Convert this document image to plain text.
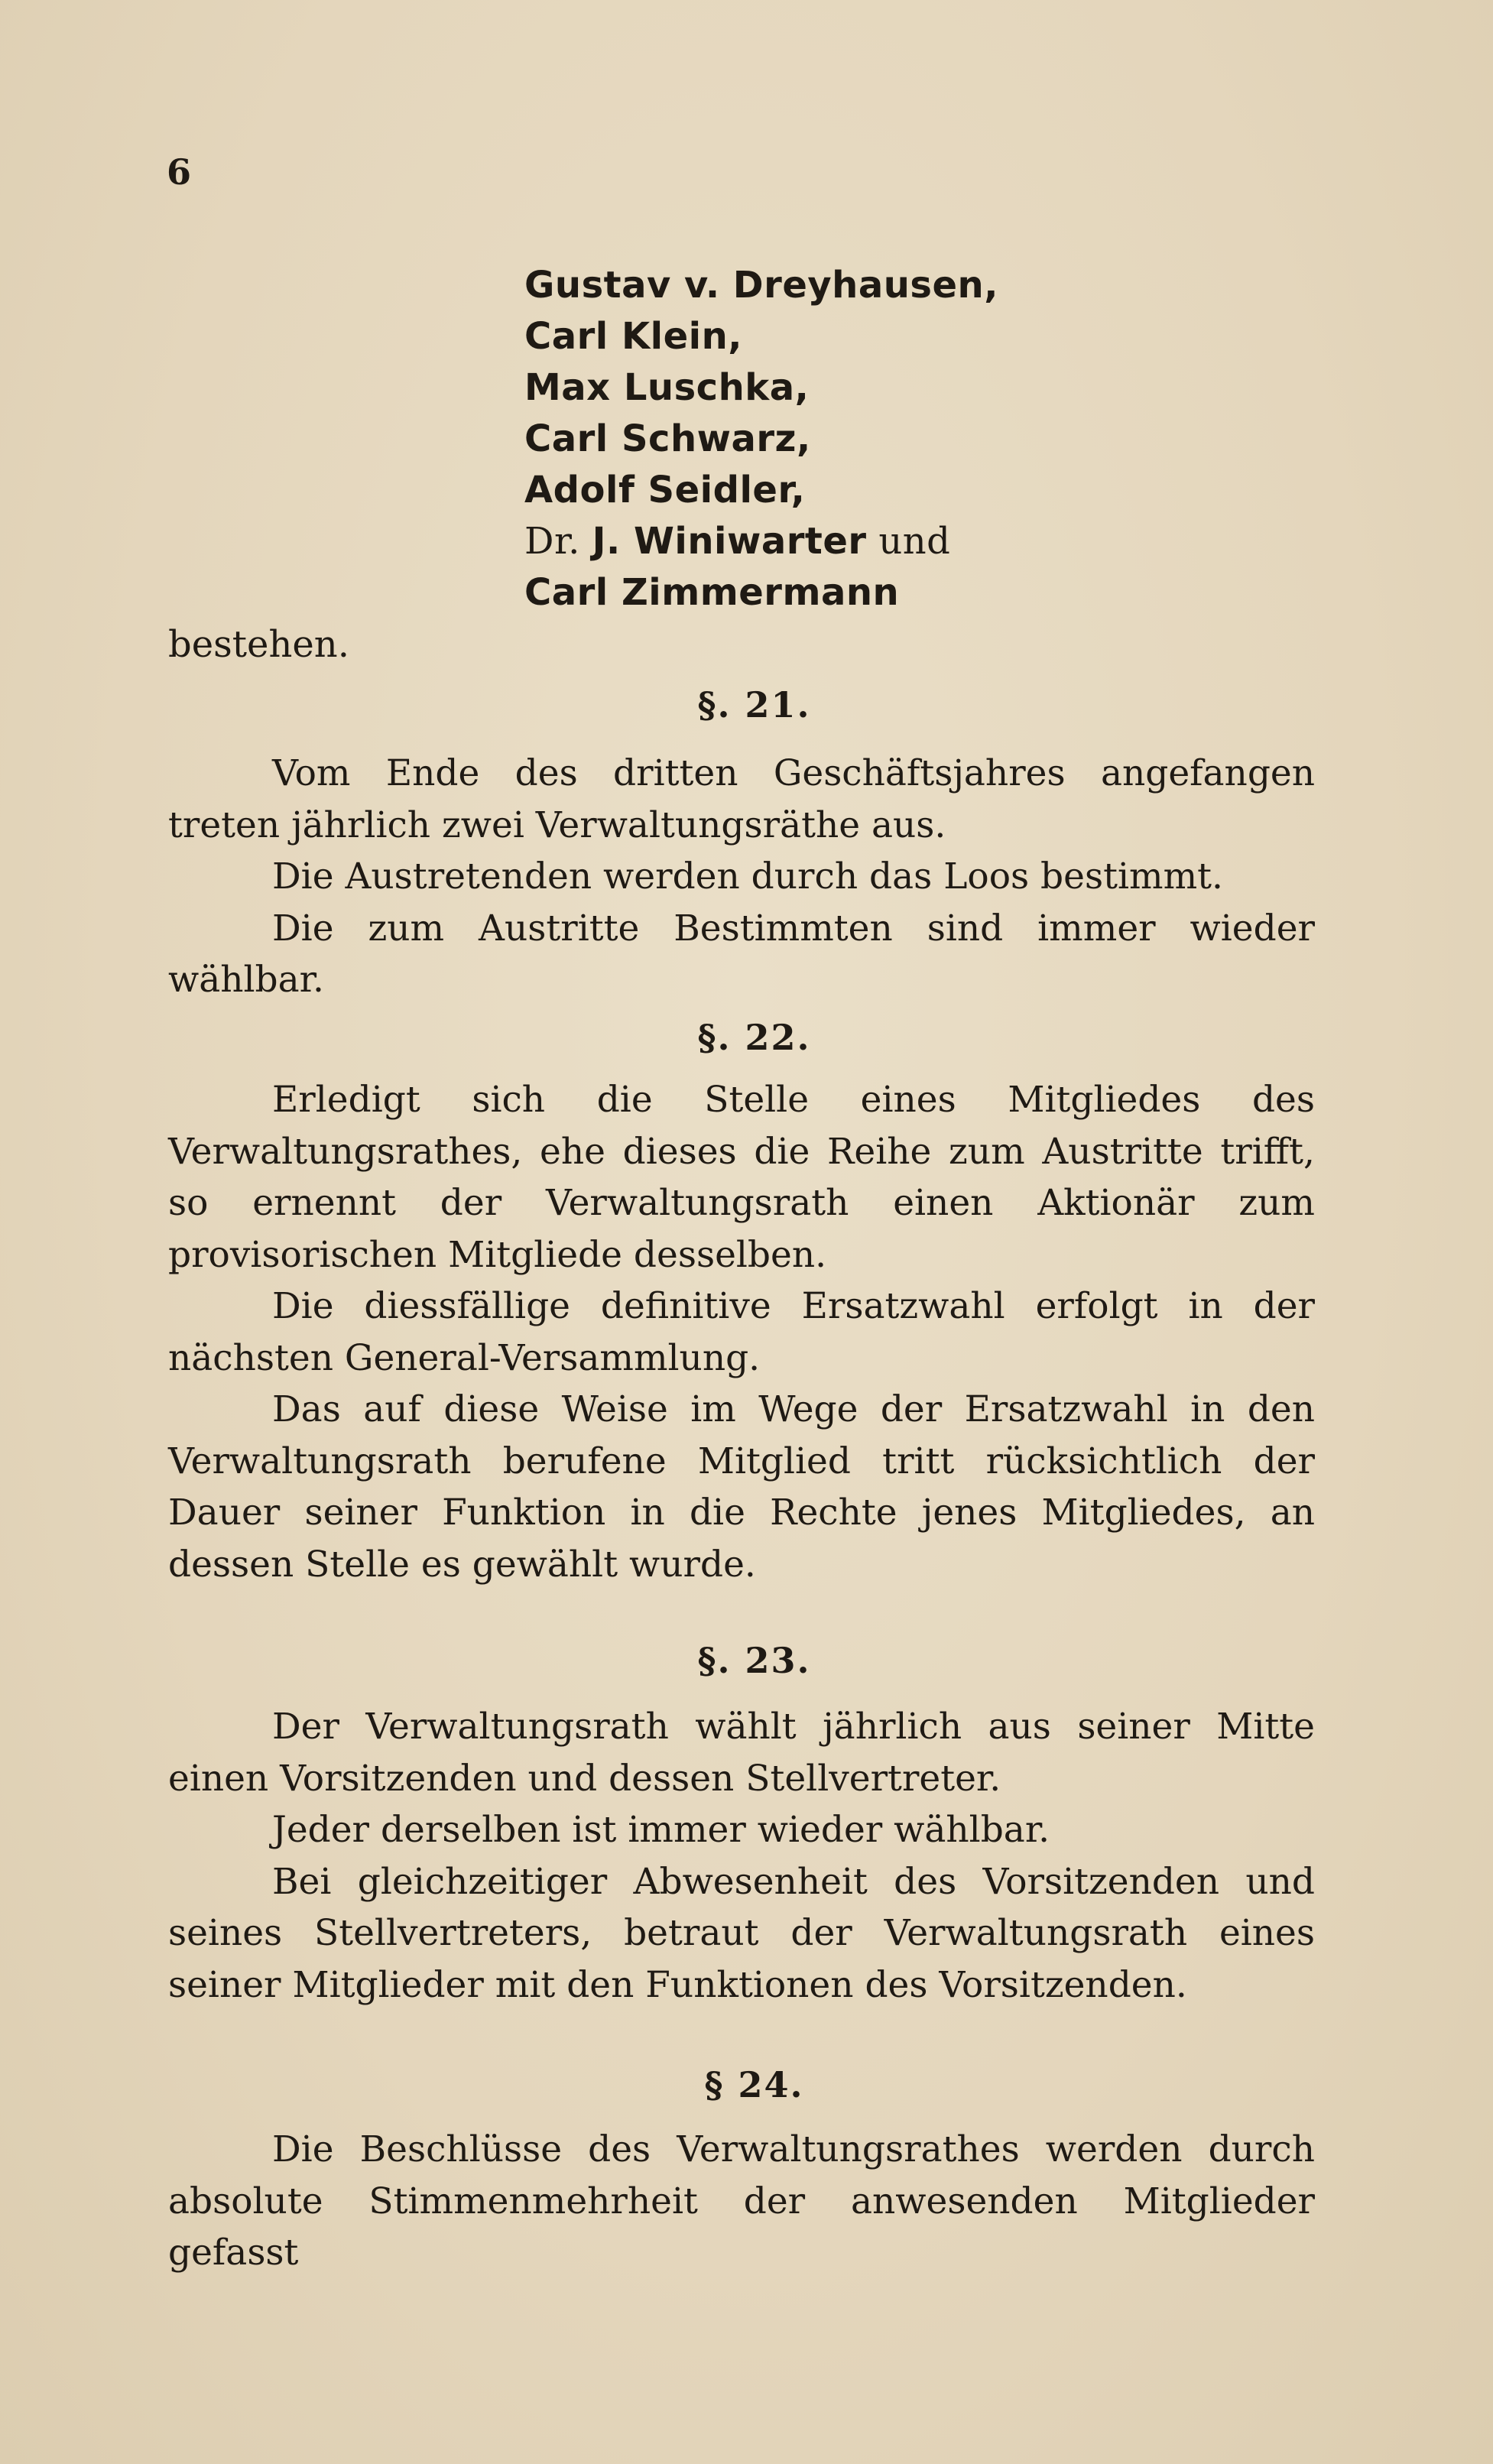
6
Gustav v. Dreyhausen,
Carl Klein,
Max Luschka,
Carl Schwarz,
Adolf Seidler,
Dr. J. Winiwarter und
Carl Zimmermann
bestehen.
§. 21.

Vom Ende des dritten Geschäftsjahres angefangen treten jährlich zwei Verwaltungsräthe aus.

Die Austretenden werden durch das Loos bestimmt.

Die zum Austritte Bestimmten sind immer wieder wählbar.

§. 22.

Erledigt sich die Stelle eines Mitgliedes des Verwaltungsrathes, ehe dieses die Reihe zum Austritte trifft, so ernennt der Verwaltungsrath einen Aktionär zum provisorischen Mitgliede desselben.

Die diessfällige definitive Ersatzwahl erfolgt in der nächsten General-Versammlung.

Das auf diese Weise im Wege der Ersatzwahl in den Verwaltungsrath berufene Mitglied tritt rücksichtlich der Dauer seiner Funktion in die Rechte jenes Mitgliedes, an dessen Stelle es gewählt wurde.

§. 23.

Der Verwaltungsrath wählt jährlich aus seiner Mitte einen Vorsitzenden und dessen Stellvertreter.

Jeder derselben ist immer wieder wählbar.

Bei gleichzeitiger Abwesenheit des Vorsitzenden und seines Stellvertreters, betraut der Verwaltungsrath eines seiner Mitglieder mit den Funktionen des Vorsitzenden.

§ 24.

Die Beschlüsse des Verwaltungsrathes werden durch absolute Stimmenmehrheit der anwesenden Mitglieder gefasst
